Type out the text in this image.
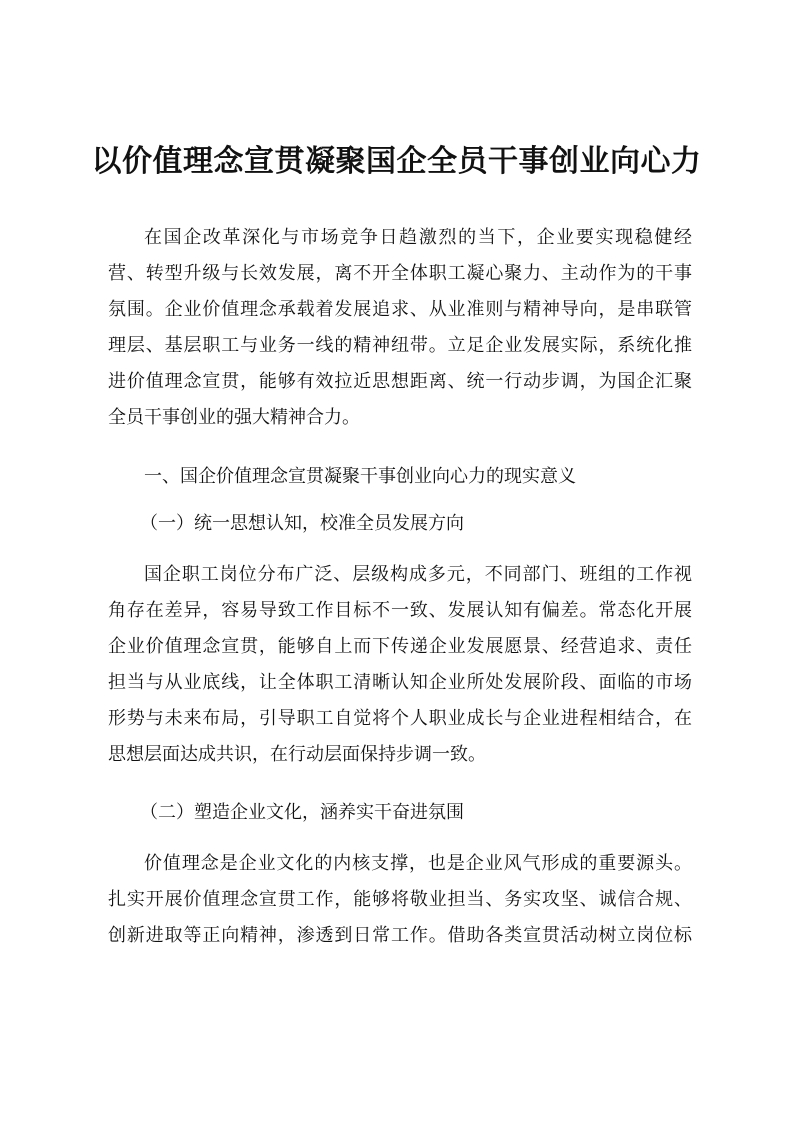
以价值理念宣贯凝聚国企全员干事创业向心力
在国企改革深化与市场竞争日趋激烈的当下，企业要实现稳健经
营、转型升级与长效发展，离不开全体职工凝心聚力、主动作为的干事
氛围。企业价值理念承载着发展追求、从业准则与精神导向，是串联管
理层、基层职工与业务一线的精神纽带。立足企业发展实际，系统化推
进价值理念宣贯，能够有效拉近思想距离、统一行动步调，为国企汇聚
全员干事创业的强大精神合力。
一、国企价值理念宣贯凝聚干事创业向心力的现实意义
（一）统一思想认知，校准全员发展方向
国企职工岗位分布广泛、层级构成多元，不同部门、班组的工作视
角存在差异，容易导致工作目标不一致、发展认知有偏差。常态化开展
企业价值理念宣贯，能够自上而下传递企业发展愿景、经营追求、责任
担当与从业底线，让全体职工清晰认知企业所处发展阶段、面临的市场
形势与未来布局，引导职工自觉将个人职业成长与企业进程相结合，在
思想层面达成共识，在行动层面保持步调一致。
（二）塑造企业文化，涵养实干奋进氛围
价值理念是企业文化的内核支撑，也是企业风气形成的重要源头。
扎实开展价值理念宣贯工作，能够将敬业担当、务实攻坚、诚信合规、
创新进取等正向精神，渗透到日常工作。借助各类宣贯活动树立岗位标
